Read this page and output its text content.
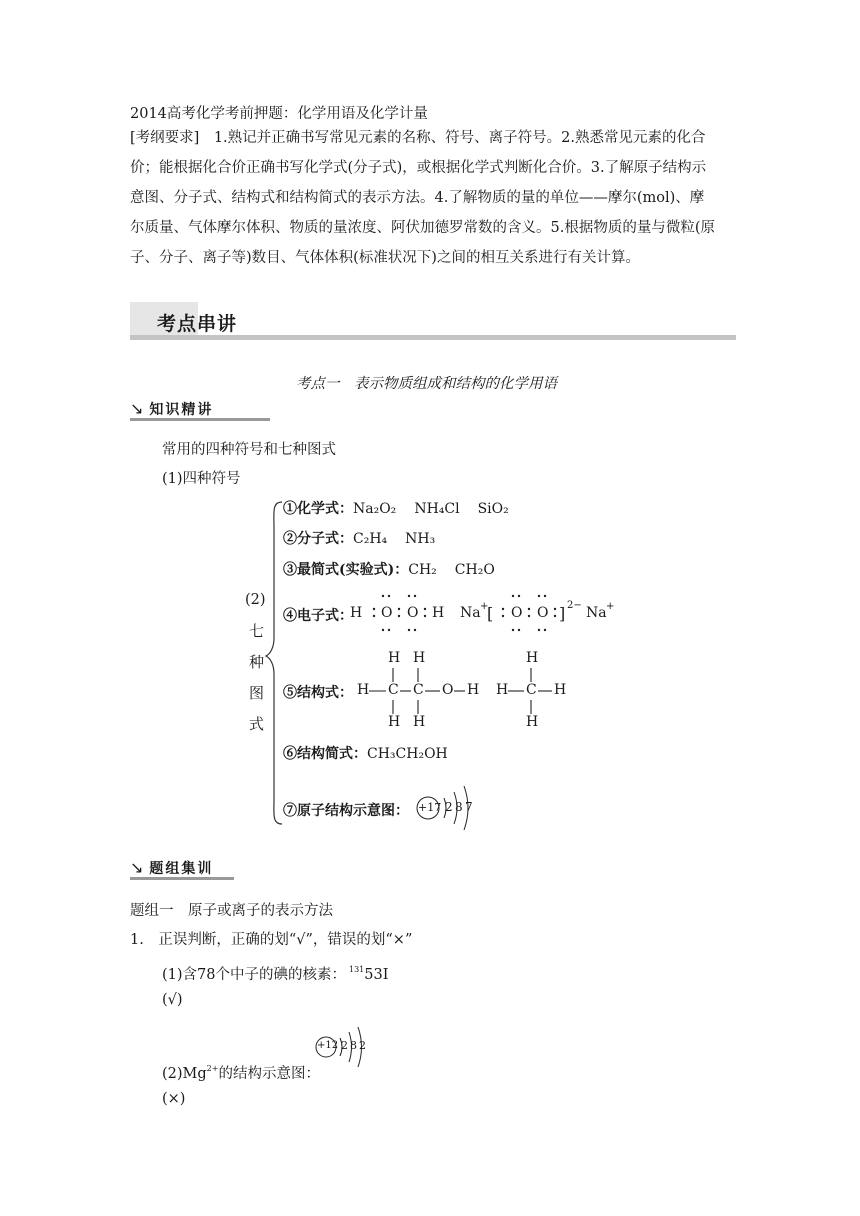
2014高考化学考前押题：化学用语及化学计量
[考纲要求]　1.熟记并正确书写常见元素的名称、符号、离子符号。2.熟悉常见元素的化合
价；能根据化合价正确书写化学式(分子式)，或根据化学式判断化合价。3.了解原子结构示
意图、分子式、结构式和结构简式的表示方法。4.了解物质的量的单位——摩尔(mol)、摩
尔质量、气体摩尔体积、物质的量浓度、阿伏加德罗常数的含义。5.根据物质的量与微粒(原
子、分子、离子等)数目、气体体积(标准状况下)之间的相互关系进行有关计算。
考点串讲
考点一　表示物质组成和结构的化学用语
↘ 知识精讲
常用的四种符号和七种图式
(1)四种符号
(2)
七
种
图
式
①化学式：Na₂O₂ NH₄Cl SiO₂
②分子式：C₂H₄ NH₃
③最简式(实验式)：CH₂ CH₂O
④电子式：
H O O H Na +
[ O O ] 2− Na +
⑤结构式：
H H
H C C O H
H H
H
H C H
H
⑥结构简式：CH₃CH₂OH
⑦原子结构示意图： +17 2 8 7
↘ 题组集训
题组一　原子或离子的表示方法
1.　正误判断，正确的划“√”，错误的划“×”
(1)含78个中子的碘的核素： $^{131}$53I
(√)
+12 2 8 2
$(2)Mg^{2+}$的结构示意图：
(×)
